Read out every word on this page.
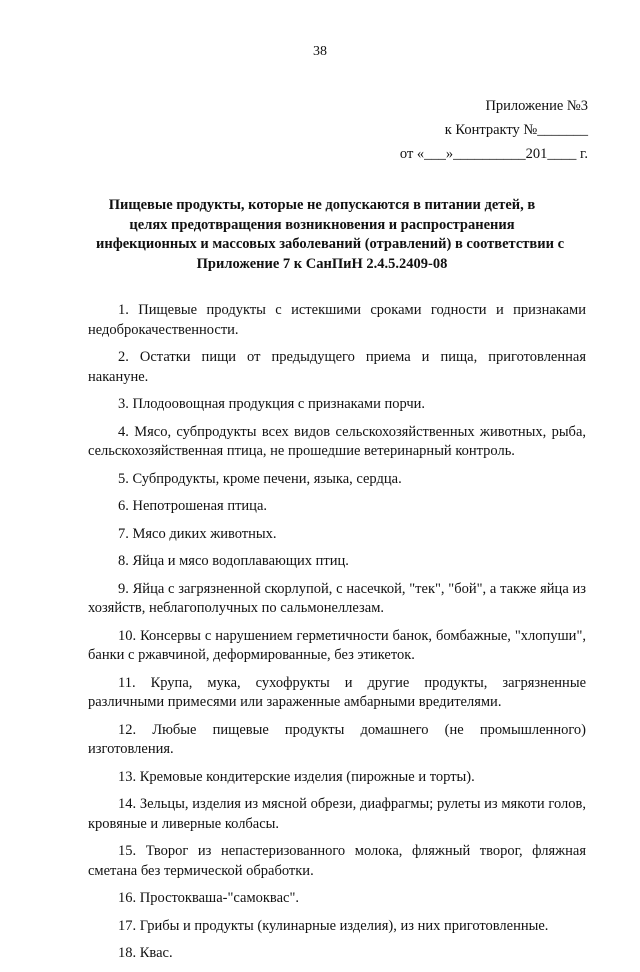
38
Приложение №3
к Контракту №_______
от «___»__________201____ г.
Пищевые продукты, которые не допускаются в питании детей, в
целях предотвращения возникновения и распространения
инфекционных и массовых заболеваний (отравлений) в соответствии с
Приложение 7 к СанПиН 2.4.5.2409-08

1. Пищевые продукты с истекшими сроками годности и признаками недоброкачественности.

2. Остатки пищи от предыдущего приема и пища, приготовленная накануне.

3. Плодоовощная продукция с признаками порчи.

4. Мясо, субпродукты всех видов сельскохозяйственных животных, рыба, сельскохозяйственная птица, не прошедшие ветеринарный контроль.

5. Субпродукты, кроме печени, языка, сердца.

6. Непотрошеная птица.

7. Мясо диких животных.

8. Яйца и мясо водоплавающих птиц.

9. Яйца с загрязненной скорлупой, с насечкой, "тек", "бой", а также яйца из хозяйств, неблагополучных по сальмонеллезам.

10. Консервы с нарушением герметичности банок, бомбажные, "хлопуши", банки с ржавчиной, деформированные, без этикеток.

11. Крупа, мука, сухофрукты и другие продукты, загрязненные различными примесями или зараженные амбарными вредителями.

12. Любые пищевые продукты домашнего (не промышленного) изготовления.

13. Кремовые кондитерские изделия (пирожные и торты).

14. Зельцы, изделия из мясной обрези, диафрагмы; рулеты из мякоти голов, кровяные и ливерные колбасы.

15. Творог из непастеризованного молока, фляжный творог, фляжная сметана без термической обработки.

16. Простокваша-"самоквас".

17. Грибы и продукты (кулинарные изделия), из них приготовленные.

18. Квас.
